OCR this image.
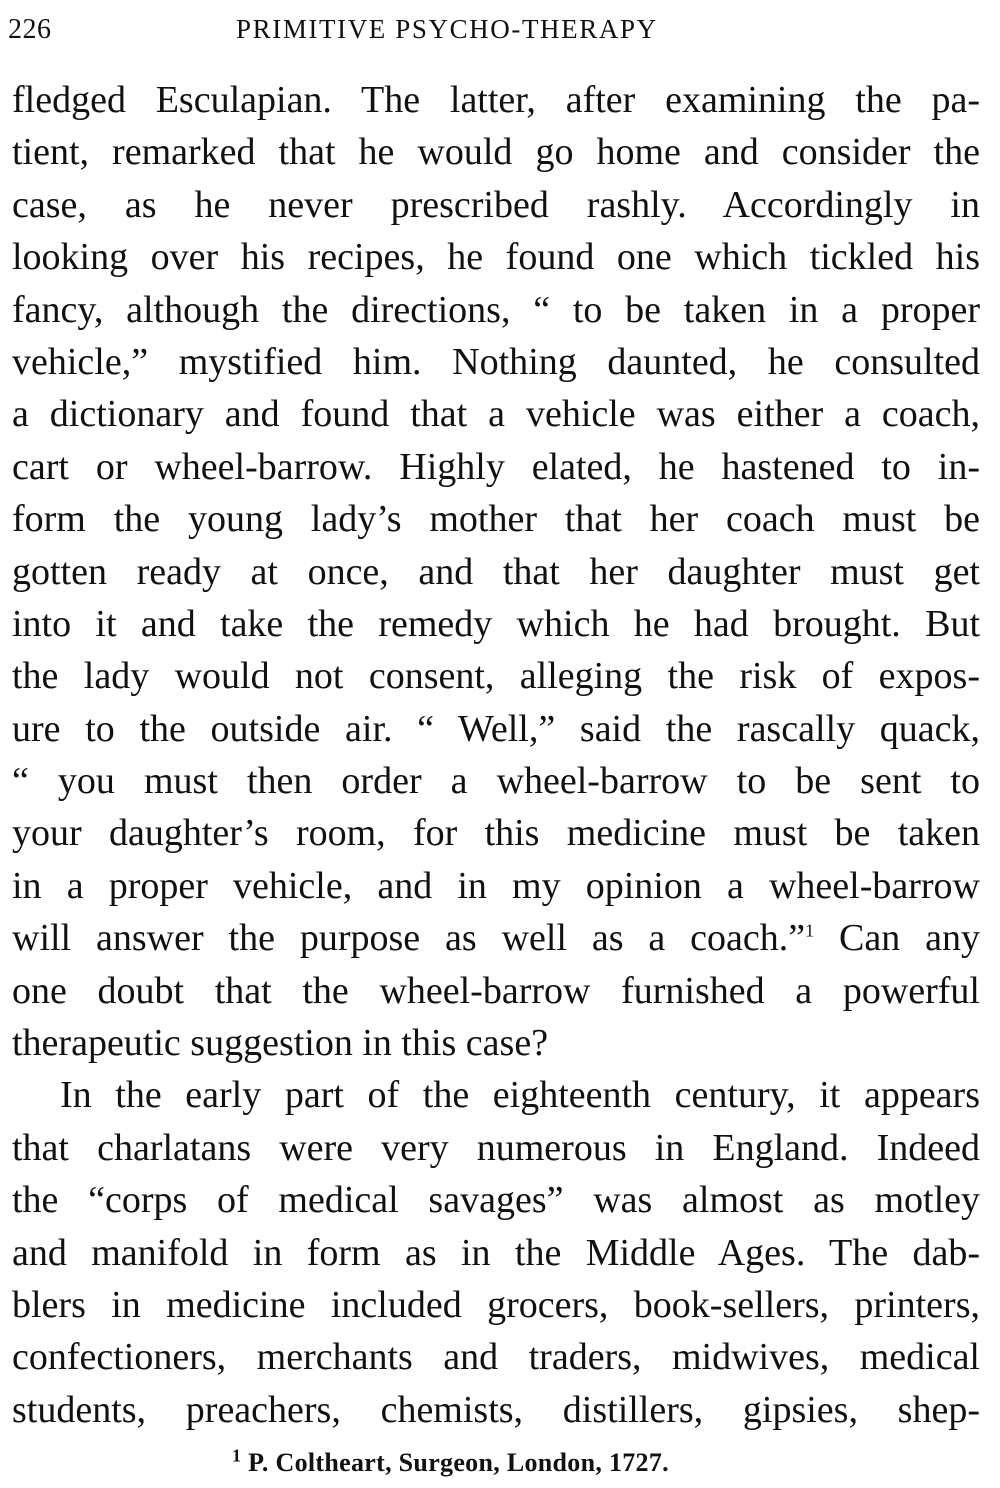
226	PRIMITIVE PSYCHO-THERAPY
fledged Esculapian. The latter, after examining the pa-
tient, remarked that he would go home and consider the
case, as he never prescribed rashly. Accordingly in
looking over his recipes, he found one which tickled his
fancy, although the directions, “ to be taken in a proper
vehicle,” mystified him. Nothing daunted, he consulted
a dictionary and found that a vehicle was either a coach,
cart or wheel-barrow. Highly elated, he hastened to in-
form the young lady’s mother that her coach must be
gotten ready at once, and that her daughter must get
into it and take the remedy which he had brought. But
the lady would not consent, alleging the risk of expos-
ure to the outside air. “ Well,” said the rascally quack,
“ you must then order a wheel-barrow to be sent to
your daughter’s room, for this medicine must be taken
in a proper vehicle, and in my opinion a wheel-barrow
will answer the purpose as well as a coach.”$^1$ Can any
one doubt that the wheel-barrow furnished a powerful
therapeutic suggestion in this case?
In the early part of the eighteenth century, it appears
that charlatans were very numerous in England. Indeed
the “corps of medical savages” was almost as motley
and manifold in form as in the Middle Ages. The dab-
blers in medicine included grocers, book-sellers, printers,
confectioners, merchants and traders, midwives, medical
students, preachers, chemists, distillers, gipsies, shep-
$^1$ P. Coltheart, Surgeon, London, 1727.
